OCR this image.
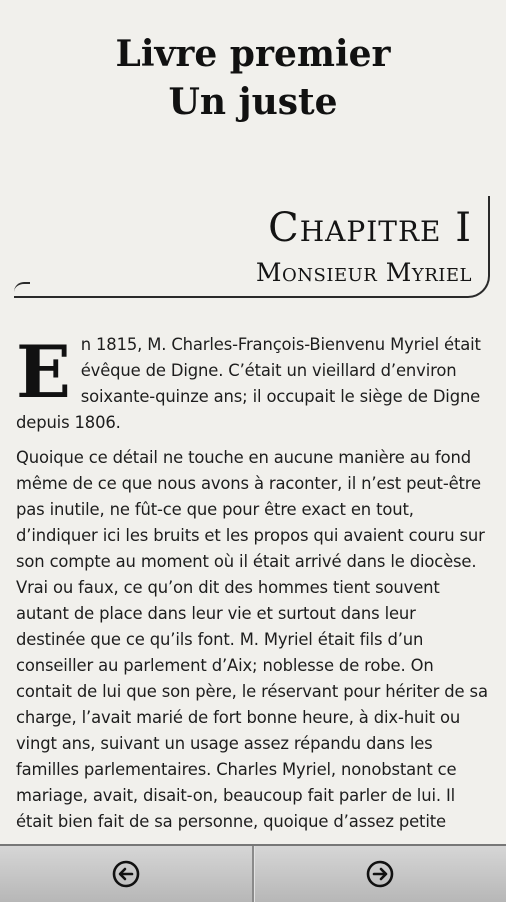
Livre premier
Un juste
Chapitre I
Monsieur Myriel

E n 1815, M. Charles-François-Bienvenu Myriel était évêque de Digne. C’était un vieillard d’environ soixante-quinze ans; il occupait le siège de Digne depuis 1806.

Quoique ce détail ne touche en aucune manière au fond même de ce que nous avons à raconter, il n’est peut-être pas inutile, ne fût-ce que pour être exact en tout, d’indiquer ici les bruits et les propos qui avaient couru sur son compte au moment où il était arrivé dans le diocèse. Vrai ou faux, ce qu’on dit des hommes tient souvent autant de place dans leur vie et surtout dans leur destinée que ce qu’ils font. M. Myriel était fils d’un conseiller au parlement d’Aix; noblesse de robe. On contait de lui que son père, le réservant pour hériter de sa charge, l’avait marié de fort bonne heure, à dix-huit ou vingt ans, suivant un usage assez répandu dans les familles parlementaires. Charles Myriel, nonobstant ce mariage, avait, disait-on, beaucoup fait parler de lui. Il était bien fait de sa personne, quoique d’assez petite
